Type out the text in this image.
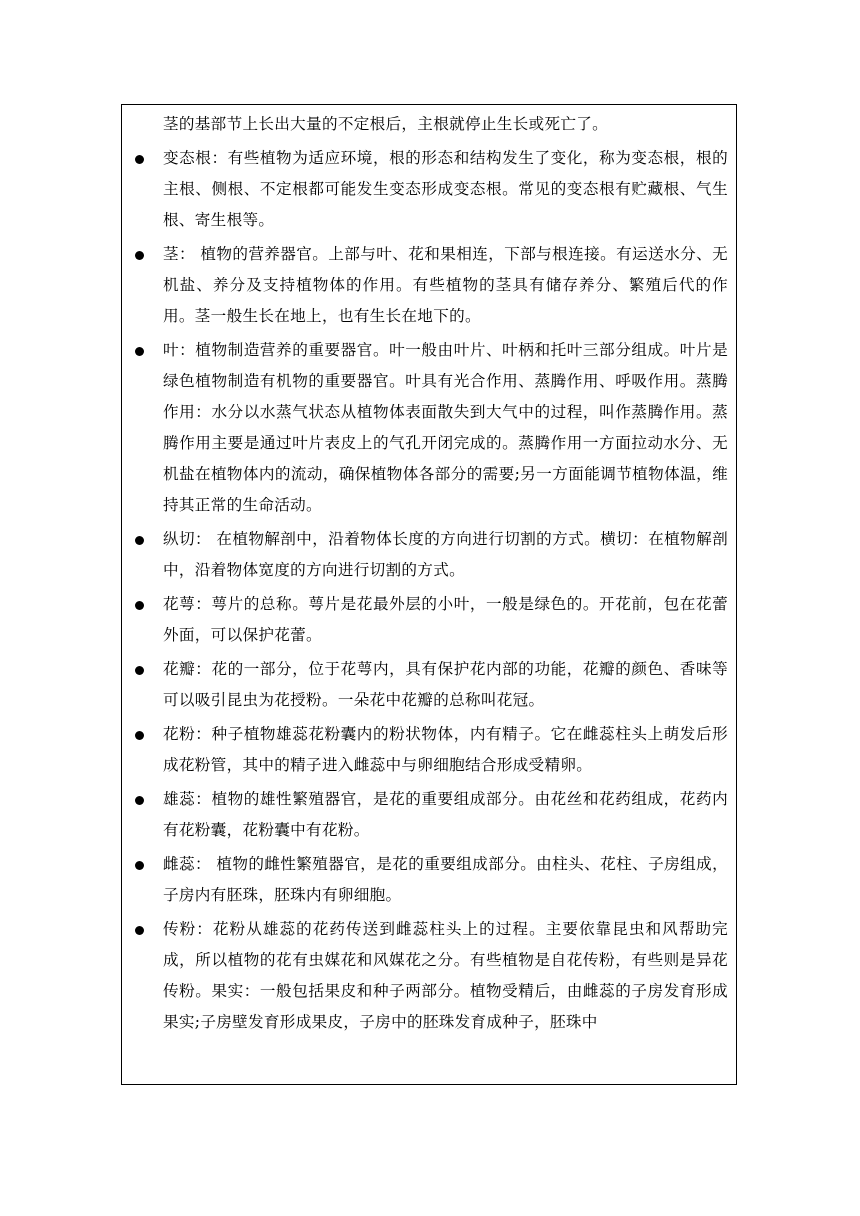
茎的基部节上长出大量的不定根后，主根就停止生长或死亡了。

变态根：有些植物为适应环境，根的形态和结构发生了变化，称为变态根，根的主根、侧根、不定根都可能发生变态形成变态根。常见的变态根有贮藏根、气生根、寄生根等。

茎： 植物的营养器官。上部与叶、花和果相连，下部与根连接。有运送水分、无机盐、养分及支持植物体的作用。有些植物的茎具有储存养分、繁殖后代的作用。茎一般生长在地上，也有生长在地下的。

叶：植物制造营养的重要器官。叶一般由叶片、叶柄和托叶三部分组成。叶片是绿色植物制造有机物的重要器官。叶具有光合作用、蒸腾作用、呼吸作用。蒸腾作用：水分以水蒸气状态从植物体表面散失到大气中的过程，叫作蒸腾作用。蒸腾作用主要是通过叶片表皮上的气孔开闭完成的。蒸腾作用一方面拉动水分、无机盐在植物体内的流动，确保植物体各部分的需要;另一方面能调节植物体温，维持其正常的生命活动。

纵切： 在植物解剖中，沿着物体长度的方向进行切割的方式。横切：在植物解剖中，沿着物体宽度的方向进行切割的方式。

花萼：萼片的总称。萼片是花最外层的小叶，一般是绿色的。开花前，包在花蕾外面，可以保护花蕾。

花瓣：花的一部分，位于花萼内，具有保护花内部的功能，花瓣的颜色、香味等可以吸引昆虫为花授粉。一朵花中花瓣的总称叫花冠。

花粉：种子植物雄蕊花粉囊内的粉状物体，内有精子。它在雌蕊柱头上萌发后形成花粉管，其中的精子进入雌蕊中与卵细胞结合形成受精卵。

雄蕊：植物的雄性繁殖器官，是花的重要组成部分。由花丝和花药组成，花药内有花粉囊，花粉囊中有花粉。

雌蕊： 植物的雌性繁殖器官，是花的重要组成部分。由柱头、花柱、子房组成，子房内有胚珠，胚珠内有卵细胞。

传粉：花粉从雄蕊的花药传送到雌蕊柱头上的过程。主要依靠昆虫和风帮助完成，所以植物的花有虫媒花和风媒花之分。有些植物是自花传粉，有些则是异花传粉。果实：一般包括果皮和种子两部分。植物受精后，由雌蕊的子房发育形成果实;子房壁发育形成果皮，子房中的胚珠发育成种子，胚珠中
